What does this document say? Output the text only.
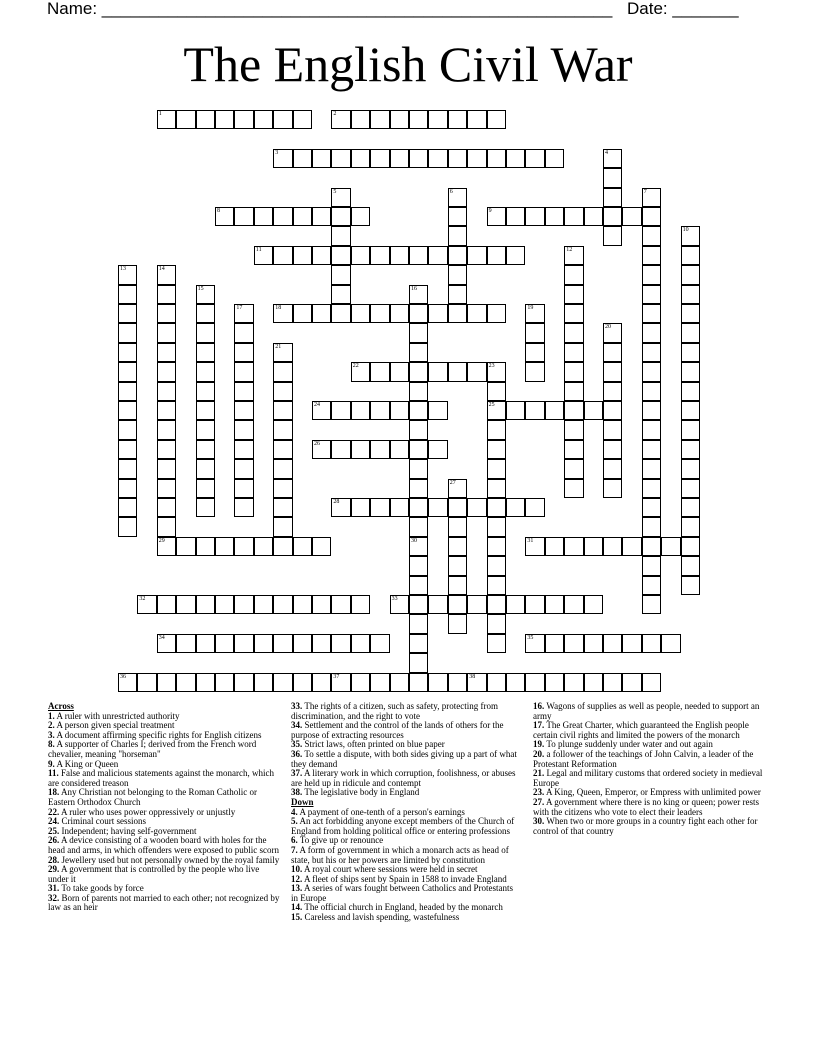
Name: ______________________________________________________ Date: _______
The English Civil War
1	2
3	4
5	6	7
8	9
10
11	12
13	14
29
15	16
30
17	18	19
20
21
22	23
25
24
26
27
28
31
32	33
34	35
36	37	38
Across
1. A ruler with unrestricted authority
2. A person given special treatment
3. A document affirming specific rights for English citizens
8. A supporter of Charles I; derived from the French word chevalier, meaning "horseman"
9. A King or Queen
11. False and malicious statements against the monarch, which are considered treason
18. Any Christian not belonging to the Roman Catholic or Eastern Orthodox Church
22. A ruler who uses power oppressively or unjustly
24. Criminal court sessions
25. Independent; having self-government
26. A device consisting of a wooden board with holes for the head and arms, in which offenders were exposed to public scorn
28. Jewellery used but not personally owned by the royal family
29. A government that is controlled by the people who live under it
31. To take goods by force
32. Born of parents not married to each other; not recognized by law as an heir
33. The rights of a citizen, such as safety, protecting from discrimination, and the right to vote
34. Settlement and the control of the lands of others for the purpose of extracting resources
35. Strict laws, often printed on blue paper
36. To settle a dispute, with both sides giving up a part of what they demand
37. A literary work in which corruption, foolishness, or abuses are held up in ridicule and contempt
38. The legislative body in England
Down
4. A payment of one-tenth of a person's earnings
5. An act forbidding anyone except members of the Church of England from holding political office or entering professions
6. To give up or renounce
7. A form of government in which a monarch acts as head of state, but his or her powers are limited by constitution
10. A royal court where sessions were held in secret
12. A fleet of ships sent by Spain in 1588 to invade England
13. A series of wars fought between Catholics and Protestants in Europe
14. The official church in England, headed by the monarch
15. Careless and lavish spending, wastefulness
16. Wagons of supplies as well as people, needed to support an army
17. The Great Charter, which guaranteed the English people certain civil rights and limited the powers of the monarch
19. To plunge suddenly under water and out again
20. a follower of the teachings of John Calvin, a leader of the Protestant Reformation
21. Legal and military customs that ordered society in medieval Europe
23. A King, Queen, Emperor, or Empress with unlimited power
27. A government where there is no king or queen; power rests with the citizens who vote to elect their leaders
30. When two or more groups in a country fight each other for control of that country
